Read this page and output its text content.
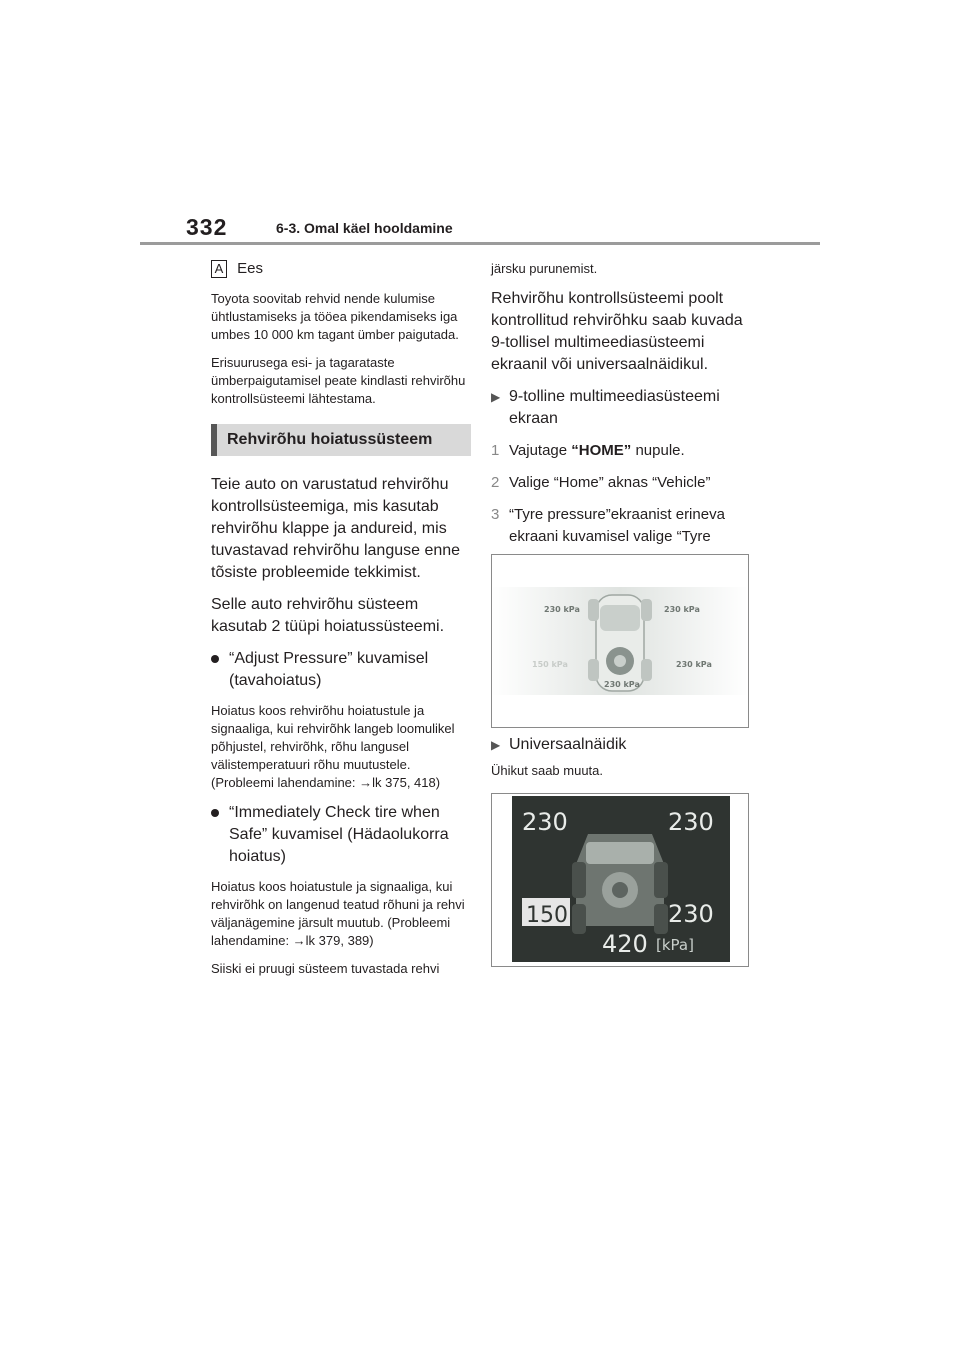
332	6-3. Omal käel hooldamine
A Ees

Toyota soovitab rehvid nende kulumise ühtlustamiseks ja tööea pikendamiseks iga umbes 10 000 km tagant ümber paigutada.

Erisuurusega esi- ja tagarataste ümberpaigutamisel peate kindlasti rehvirõhu kontrollsüsteemi lähtestama.

Rehvirõhu hoiatussüsteem

Teie auto on varustatud rehvirõhu kontrollsüsteemiga, mis kasutab rehvirõhu klappe ja andureid, mis tuvastavad rehvirõhu languse enne tõsiste probleemide tekkimist.

Selle auto rehvirõhu süsteem kasutab 2 tüüpi hoiatussüsteemi.

“Adjust Pressure” kuvamisel (tavahoiatus)

Hoiatus koos rehvirõhu hoiatustule ja signaaliga, kui rehvirõhk langeb loomulikel põhjustel, rehvirõhk, rõhu langusel välistemperatuuri rõhu muutustele. (Probleemi lahendamine: →lk 375, 418)

“Immediately Check tire when Safe” kuvamisel (Hädaolukorra hoiatus)

Hoiatus koos hoiatustule ja signaaliga, kui rehvirõhk on langenud teatud rõhuni ja rehvi väljanägemine järsult muutub. (Probleemi lahendamine: →lk 379, 389)

Siiski ei pruugi süsteem tuvastada rehvi

järsku purunemist.

Rehvirõhu kontrollsüsteemi poolt kontrollitud rehvirõhku saab kuvada 9-tollisel multimeediasüsteemi ekraanil või universaalnäidikul.

▶ 9-tolline multimeediasüsteemi ekraan
1 Vajutage “HOME” nupule.
2 Valige “Home” aknas “Vehicle”
3 “Tyre pressure”ekraanist erineva ekraani kuvamisel valige “Tyre
230 kPa	230 kPa
150 kPa	230 kPa
230 kPa
▶ Universaalnäidik

Ühikut saab muuta.

230	230
150	230
420 [kPa]
